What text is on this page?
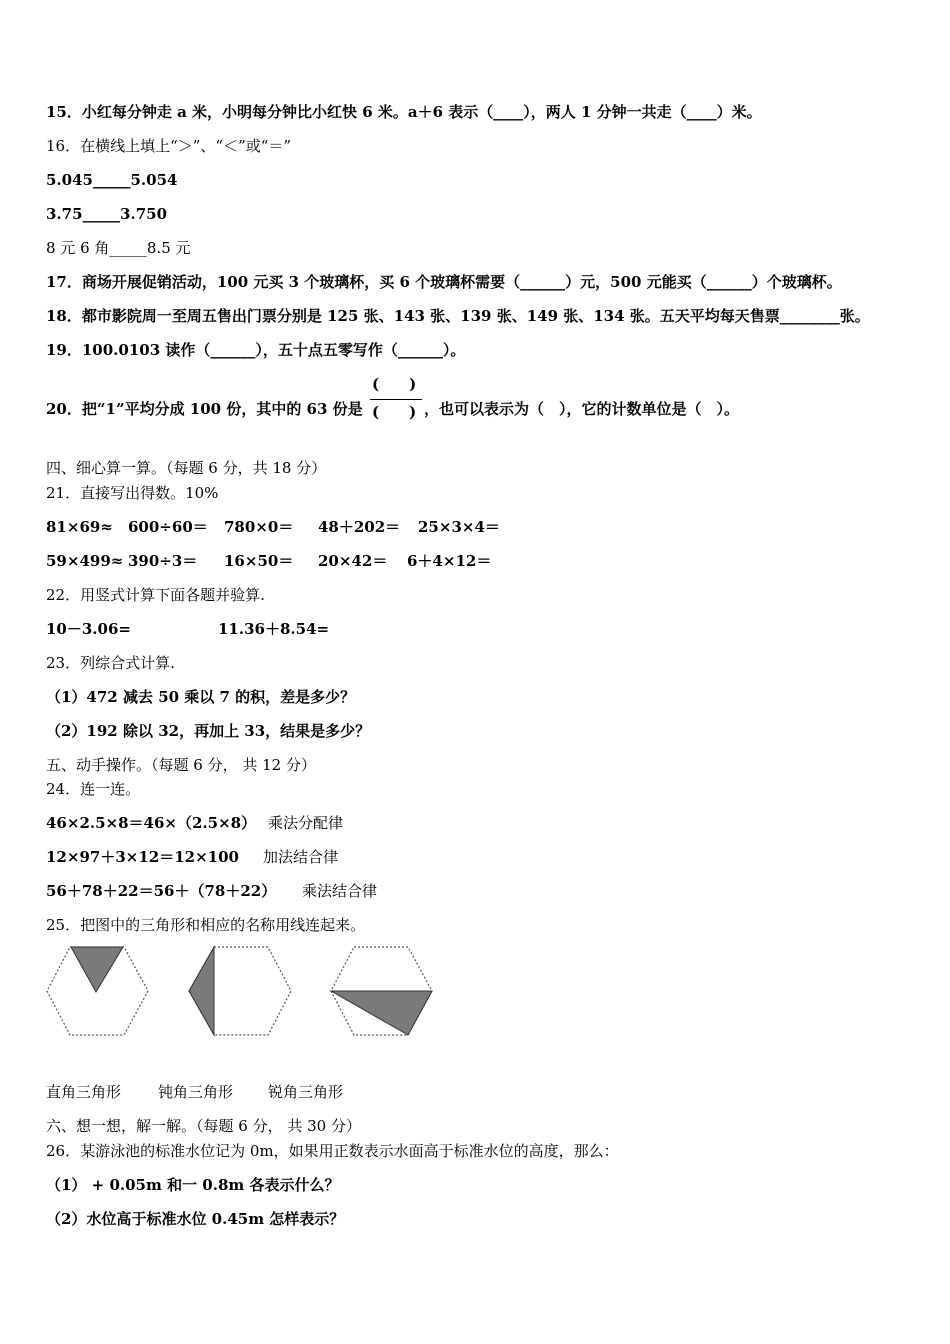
15．小红每分钟走 a 米，小明每分钟比小红快 6 米。a＋6 表示（____），两人 1 分钟一共走（____）米。
16．在横线上填上“＞”、“＜”或“＝”
5.045_____5.054
3.75_____3.750
8 元 6 角_____8.5 元
17．商场开展促销活动，100 元买 3 个玻璃杯，买 6 个玻璃杯需要（______）元，500 元能买（______）个玻璃杯。
18．都市影院周一至周五售出门票分别是 125 张、143 张、139 张、149 张、134 张。五天平均每天售票________张。
19．100.0103 读作（______），五十点五零写作（______）。
20．把“1”平均分成 100 份，其中的 63 份是
(　　)
(　　) ，也可以表示为（　），它的计数单位是（　）。
四、细心算一算。（每题 6 分，共 18 分）
21．直接写出得数。10%
81×69≈ 600÷60＝ 780×0＝ 48＋202＝ 25×3×4＝
59×499≈ 390÷3＝ 16×50＝ 20×42＝ 6＋4×12＝
22．用竖式计算下面各题并验算.
10－3.06=	11.36＋8.54=
23．列综合式计算.
（1）472 减去 50 乘以 7 的积，差是多少？
（2）192 除以 32，再加上 33，结果是多少？
五、动手操作。（每题 6 分， 共 12 分）
24．连一连。
46×2.5×8＝46×（2.5×8） 乘法分配律
12×97＋3×12＝12×100 加法结合律
56＋78＋22＝56＋（78＋22） 乘法结合律
25．把图中的三角形和相应的名称用线连起来。
直角三角形 钝角三角形 锐角三角形
六、想一想，解一解。（每题 6 分， 共 30 分）
26．某游泳池的标准水位记为 0m，如果用正数表示水面高于标准水位的高度，那么：
（1） + 0.05m 和一 0.8m 各表示什么？
（2）水位高于标准水位 0.45m 怎样表示？
